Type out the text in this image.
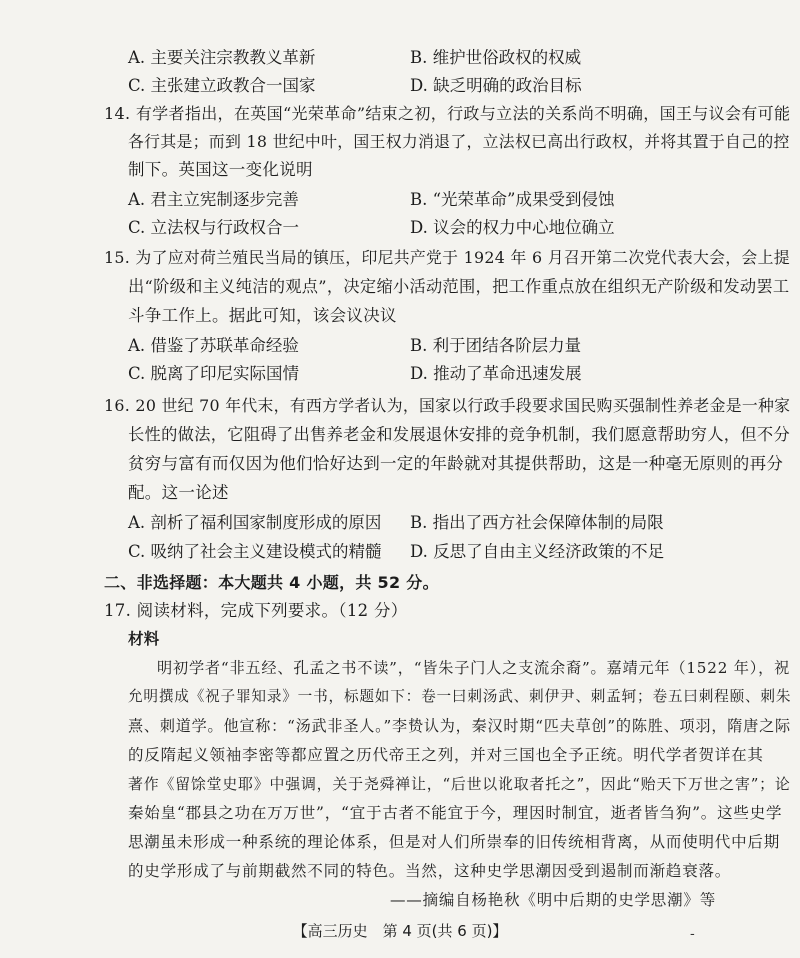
A. 主要关注宗教教义革新	B. 维护世俗政权的权威
C. 主张建立政教合一国家	D. 缺乏明确的政治目标
14. 有学者指出，在英国“光荣革命”结束之初，行政与立法的关系尚不明确，国王与议会有可能
各行其是；而到 18 世纪中叶，国王权力消退了，立法权已高出行政权，并将其置于自己的控
制下。英国这一变化说明
A. 君主立宪制逐步完善	B. “光荣革命”成果受到侵蚀
C. 立法权与行政权合一	D. 议会的权力中心地位确立
15. 为了应对荷兰殖民当局的镇压，印尼共产党于 1924 年 6 月召开第二次党代表大会，会上提
出“阶级和主义纯洁的观点”，决定缩小活动范围，把工作重点放在组织无产阶级和发动罢工
斗争工作上。据此可知，该会议决议
A. 借鉴了苏联革命经验	B. 利于团结各阶层力量
C. 脱离了印尼实际国情	D. 推动了革命迅速发展
16. 20 世纪 70 年代末，有西方学者认为，国家以行政手段要求国民购买强制性养老金是一种家
长性的做法，它阻碍了出售养老金和发展退休安排的竞争机制，我们愿意帮助穷人，但不分
贫穷与富有而仅因为他们恰好达到一定的年龄就对其提供帮助，这是一种毫无原则的再分
配。这一论述
A. 剖析了福利国家制度形成的原因 B. 指出了西方社会保障体制的局限
C. 吸纳了社会主义建设模式的精髓 D. 反思了自由主义经济政策的不足
二、非选择题：本大题共 4 小题，共 52 分。
17. 阅读材料，完成下列要求。（12 分）
材料
明初学者“非五经、孔孟之书不读”，“皆朱子门人之支流余裔”。嘉靖元年（1522 年），祝
允明撰成《祝子罪知录》一书，标题如下：卷一曰刺汤武、刺伊尹、刺孟轲；卷五曰刺程颐、刺朱
熹、刺道学。他宣称：“汤武非圣人。”李贽认为，秦汉时期“匹夫草创”的陈胜、项羽，隋唐之际
的反隋起义领袖李密等都应置之历代帝王之列，并对三国也全予正统。明代学者贺详在其
著作《留馀堂史耶》中强调，关于尧舜禅让，“后世以讹取者托之”，因此“贻天下万世之害”；论
秦始皇“郡县之功在万万世”，“宜于古者不能宜于今，理因时制宜，逝者皆刍狗”。这些史学
思潮虽未形成一种系统的理论体系，但是对人们所崇奉的旧传统相背离，从而使明代中后期
的史学形成了与前期截然不同的特色。当然，这种史学思潮因受到遏制而渐趋衰落。
——摘编自杨艳秋《明中后期的史学思潮》等
【高三历史　第 4 页(共 6 页)】	-
